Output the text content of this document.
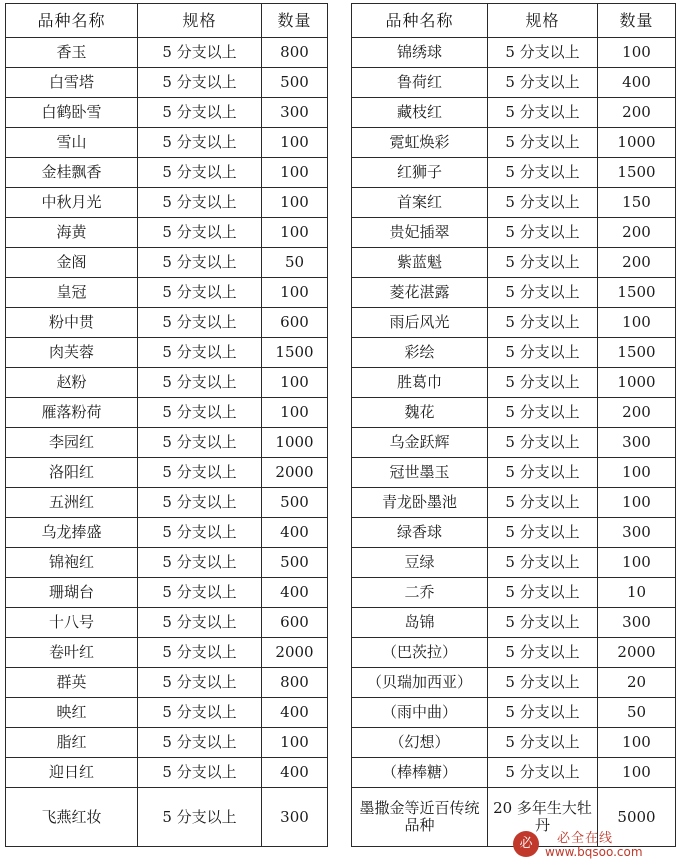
品种名称	规格	数量		品种名称	规格	数量
香玉	5 分支以上	800		锦绣球	5 分支以上	100
白雪塔	5 分支以上	500		鲁荷红	5 分支以上	400
白鹤卧雪	5 分支以上	300		藏枝红	5 分支以上	200
雪山	5 分支以上	100		霓虹焕彩	5 分支以上	1000
金桂飘香	5 分支以上	100		红狮子	5 分支以上	1500
中秋月光	5 分支以上	100		首案红	5 分支以上	150
海黄	5 分支以上	100		贵妃插翠	5 分支以上	200
金阁	5 分支以上	50		紫蓝魁	5 分支以上	200
皇冠	5 分支以上	100		菱花湛露	5 分支以上	1500
粉中贯	5 分支以上	600		雨后风光	5 分支以上	100
肉芙蓉	5 分支以上	1500		彩绘	5 分支以上	1500
赵粉	5 分支以上	100		胜葛巾	5 分支以上	1000
雁落粉荷	5 分支以上	100		魏花	5 分支以上	200
李园红	5 分支以上	1000		乌金跃辉	5 分支以上	300
洛阳红	5 分支以上	2000		冠世墨玉	5 分支以上	100
五洲红	5 分支以上	500		青龙卧墨池	5 分支以上	100
乌龙捧盛	5 分支以上	400		绿香球	5 分支以上	300
锦袍红	5 分支以上	500		豆绿	5 分支以上	100
珊瑚台	5 分支以上	400		二乔	5 分支以上	10
十八号	5 分支以上	600		岛锦	5 分支以上	300
卷叶红	5 分支以上	2000		（巴茨拉）	5 分支以上	2000
群英	5 分支以上	800		（贝瑞加西亚）	5 分支以上	20
映红	5 分支以上	400		（雨中曲）	5 分支以上	50
脂红	5 分支以上	100		（幻想）	5 分支以上	100
迎日红	5 分支以上	400		（棒棒糖）	5 分支以上	100
飞燕红妆	5 分支以上	300		墨撒金等近百传统品种	20 多年生大牡丹	5000
必	必全在线
www.bqsoo.com
